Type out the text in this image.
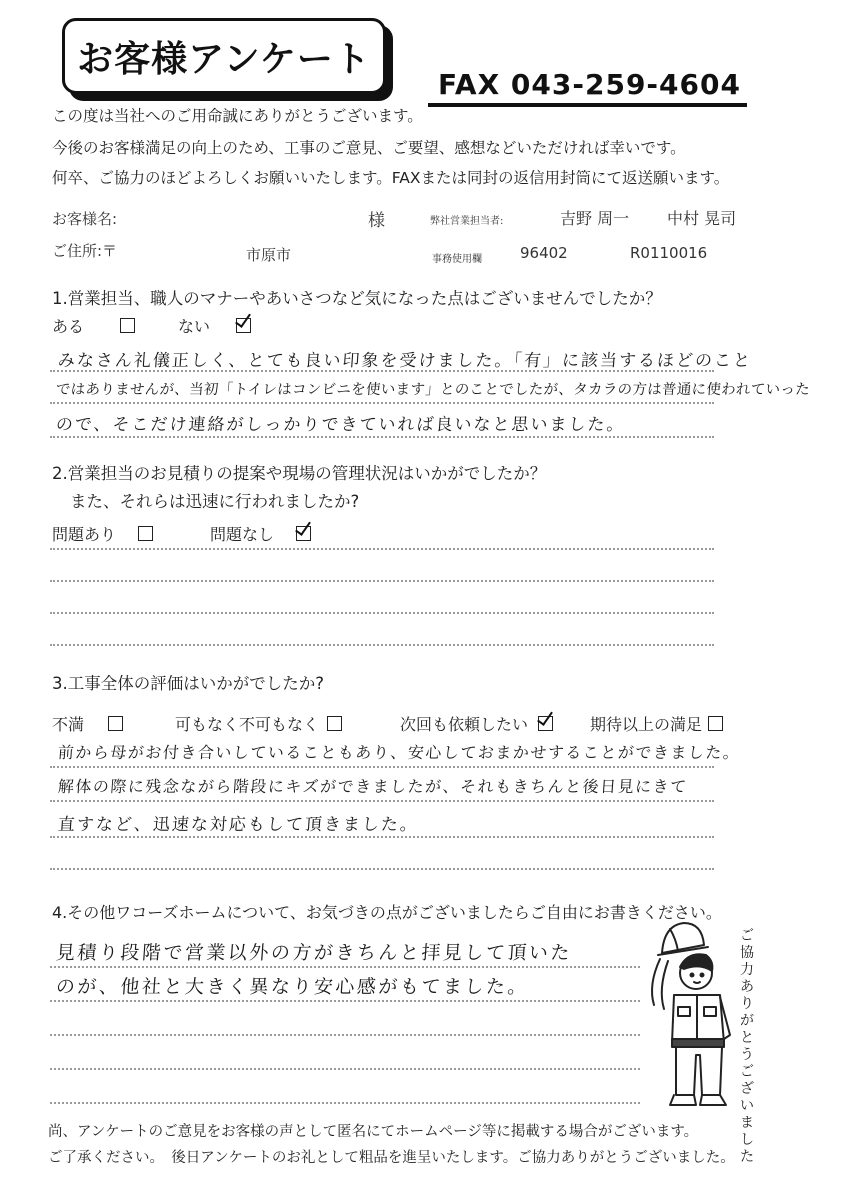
お客様アンケート
FAX 043-259-4604
この度は当社へのご用命誠にありがとうございます。
今後のお客様満足の向上のため、工事のご意見、ご要望、感想などいただければ幸いです。
何卒、ご協力のほどよろしくお願いいたします。FAXまたは同封の返信用封筒にて返送願います。
お客様名:	様	弊社営業担当者:	吉野 周一 中村 晃司
ご住所:〒	市原市	事務使用欄	96402	R0110016
1.営業担当、職人のマナーやあいさつなど気になった点はございませんでしたか？
ある	ない
みなさん礼儀正しく、とても良い印象を受けました。「有」に該当するほどのこと
ではありませんが、当初「トイレはコンビニを使います」とのことでしたが、タカラの方は普通に使われていった
ので、そこだけ連絡がしっかりできていれば良いなと思いました。
2.営業担当のお見積りの提案や現場の管理状況はいかがでしたか？
また、それらは迅速に行われましたか?
問題あり	問題なし
3.工事全体の評価はいかがでしたか?
不満	可もなく不可もなく	次回も依頼したい	期待以上の満足
前から母がお付き合いしていることもあり、安心しておまかせすることができました。
解体の際に残念ながら階段にキズができましたが、それもきちんと後日見にきて
直すなど、迅速な対応もして頂きました。
4.その他ワコーズホームについて、お気づきの点がございましたらご自由にお書きください。
見積り段階で営業以外の方がきちんと拝見して頂いた
のが、他社と大きく異なり安心感がもてました。
ご協力ありがとうございました
尚、アンケートのご意見をお客様の声として匿名にてホームページ等に掲載する場合がございます。
ご了承ください。　後日アンケートのお礼として粗品を進呈いたします。ご協力ありがとうございました。
